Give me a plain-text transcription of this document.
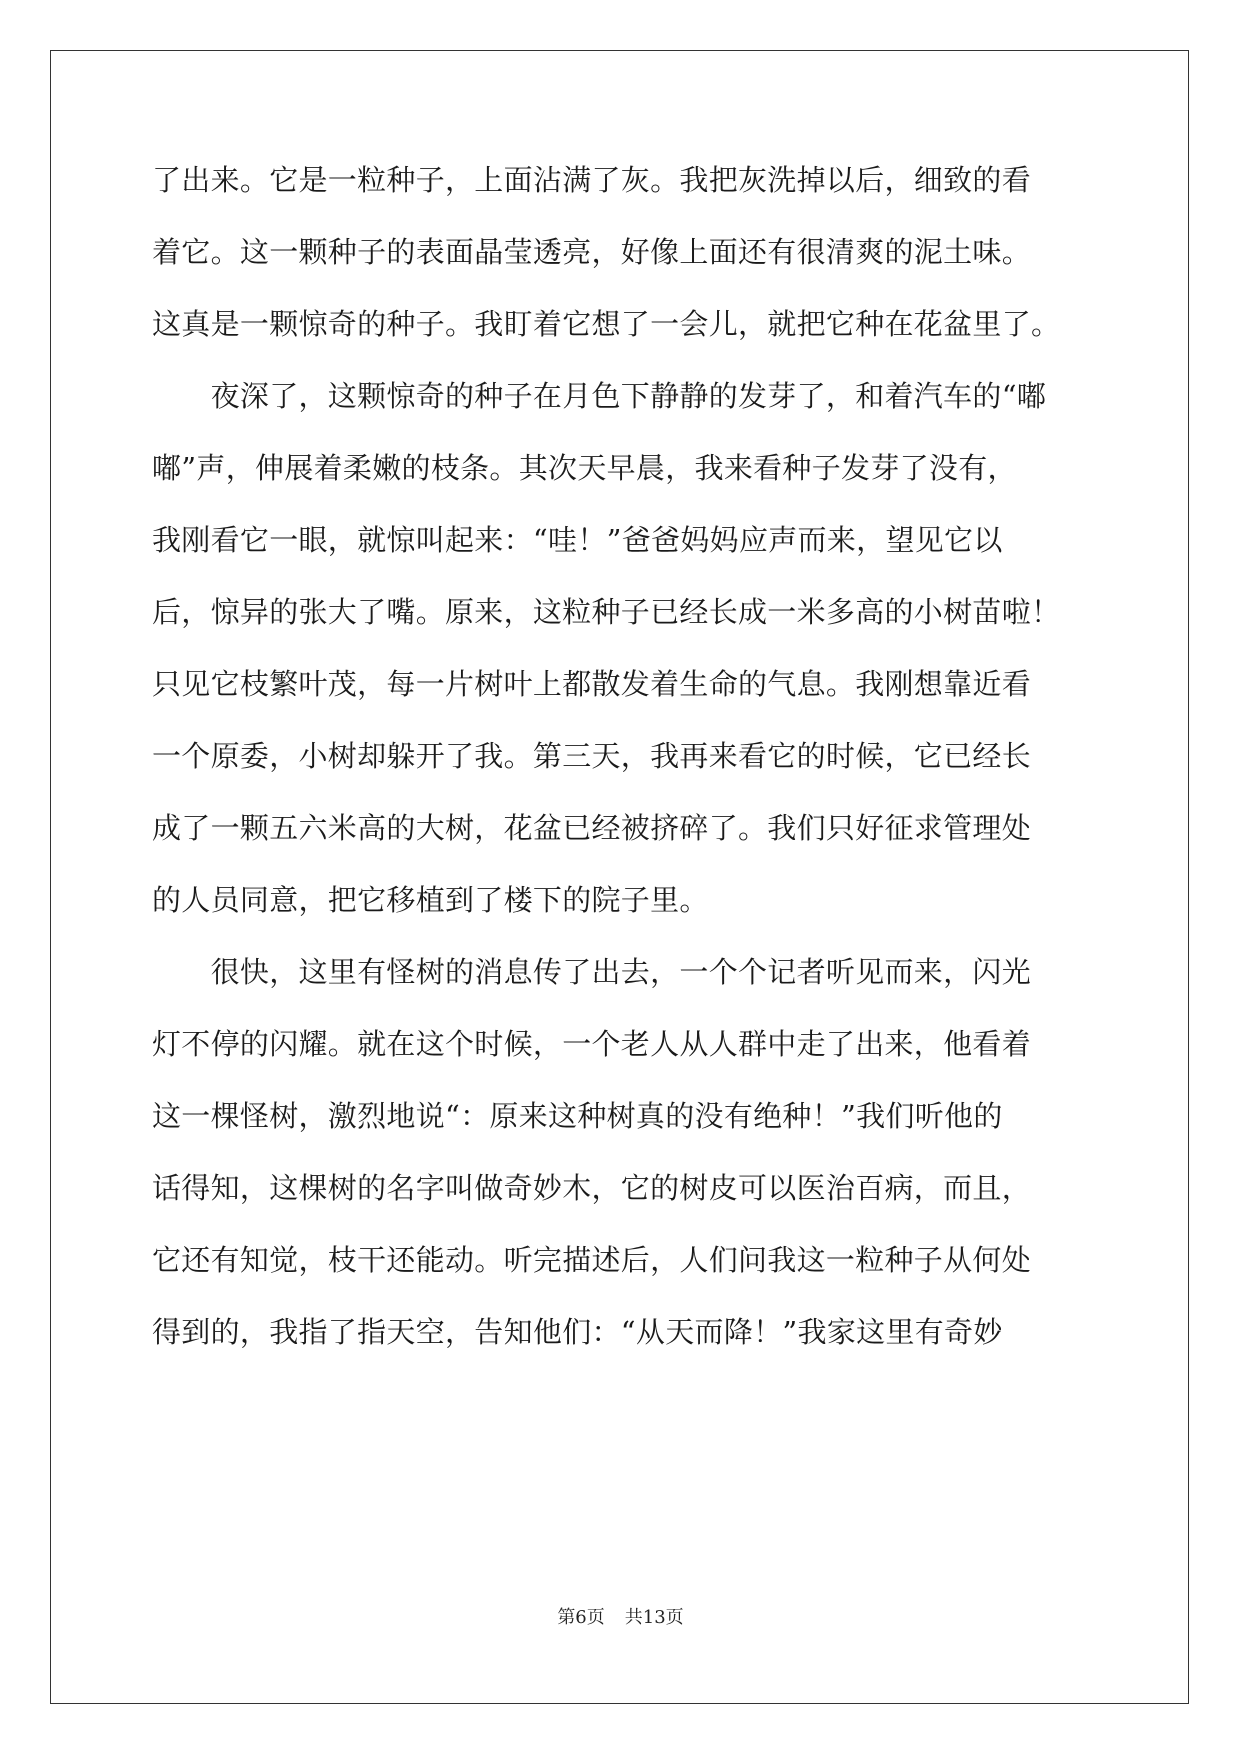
了出来。它是一粒种子，上面沾满了灰。我把灰洗掉以后，细致的看
着它。这一颗种子的表面晶莹透亮，好像上面还有很清爽的泥土味。
这真是一颗惊奇的种子。我盯着它想了一会儿，就把它种在花盆里了。
　　夜深了，这颗惊奇的种子在月色下静静的发芽了，和着汽车的“嘟
嘟”声，伸展着柔嫩的枝条。其次天早晨，我来看种子发芽了没有，
我刚看它一眼，就惊叫起来：“哇！”爸爸妈妈应声而来，望见它以
后，惊异的张大了嘴。原来，这粒种子已经长成一米多高的小树苗啦！
只见它枝繁叶茂，每一片树叶上都散发着生命的气息。我刚想靠近看
一个原委，小树却躲开了我。第三天，我再来看它的时候，它已经长
成了一颗五六米高的大树，花盆已经被挤碎了。我们只好征求管理处
的人员同意，把它移植到了楼下的院子里。
　　很快，这里有怪树的消息传了出去，一个个记者听见而来，闪光
灯不停的闪耀。就在这个时候，一个老人从人群中走了出来，他看着
这一棵怪树，激烈地说“：原来这种树真的没有绝种！”我们听他的
话得知，这棵树的名字叫做奇妙木，它的树皮可以医治百病，而且，
它还有知觉，枝干还能动。听完描述后，人们问我这一粒种子从何处
得到的，我指了指天空，告知他们：“从天而降！”我家这里有奇妙
第6页 共13页
